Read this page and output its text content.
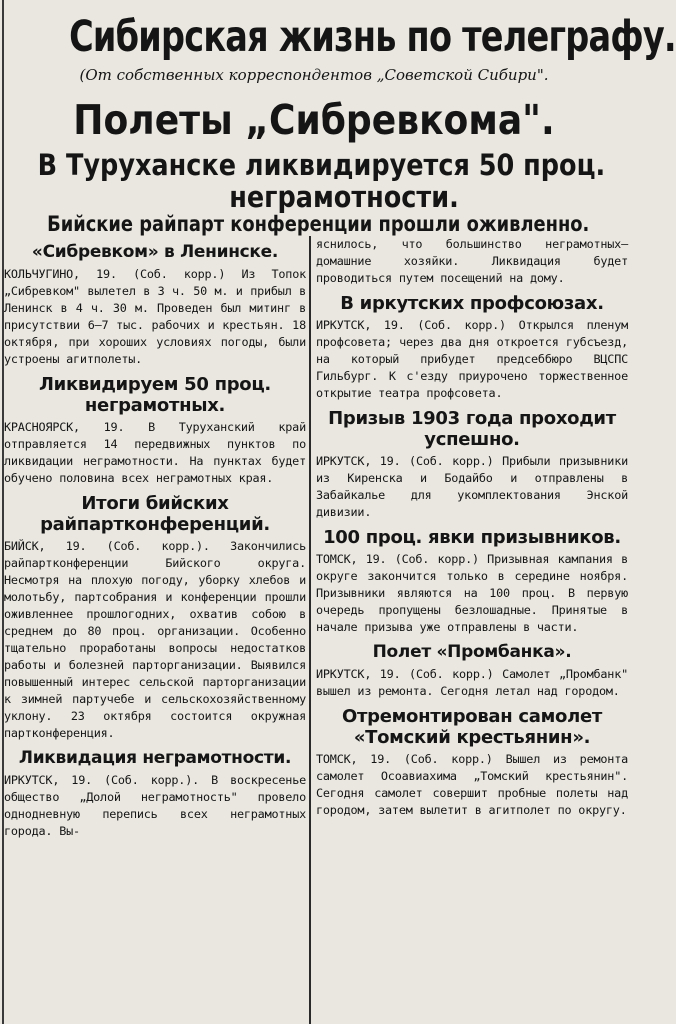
Сибирская жизнь по телеграфу.
(От собственных корреспондентов „Советской Сибири".
Полеты „Сибревкома".
В Туруханске ликвидируется 50 проц.
неграмотности.
Бийские райпарт конференции прошли оживленно.
«Сибревком» в Ленинске.

КОЛЬЧУГИНО, 19. (Соб. корр.) Из Топок „Сибревком" вылетел в 3 ч. 50 м. и прибыл в Ленинск в 4 ч. 30 м. Проведен был митинг в присутствии 6—7 тыс. рабочих и крестьян. 18 октября, при хороших условиях погоды, были устроены агитполеты.

Ликвидируем 50 проц. неграмотных.

КРАСНОЯРСК, 19. В Туруханский край отправляется 14 передвижных пунктов по ликвидации неграмотности. На пунктах будет обучено половина всех неграмотных края.

Итоги бийских райпартконференций.

БИЙСК, 19. (Соб. корр.). Закончились райпартконференции Бийского округа. Несмотря на плохую погоду, уборку хлебов и молотьбу, партсобрания и конференции прошли оживленнее прошлогодних, охватив собою в среднем до 80 проц. организации. Особенно тщательно проработаны вопросы недостатков работы и болезней парторганизации. Выявился повышенный интерес сельской парторганизации к зимней партучебе и сельскохозяйственному уклону. 23 октября состоится окружная партконференция.

Ликвидация неграмотности.

ИРКУТСК, 19. (Соб. корр.). В воскресенье общество „Долой неграмотность" провело однодневную перепись всех неграмотных города. Вы-

яснилось, что большинство неграмотных—домашние хозяйки. Ликвидация будет проводиться путем посещений на дому.

В иркутских профсоюзах.

ИРКУТСК, 19. (Соб. корр.) Открылся пленум профсовета; через два дня откроется губсъезд, на который прибудет предсеббюро ВЦСПС Гильбург. К с'езду приурочено торжественное открытие театра профсовета.

Призыв 1903 года проходит успешно.

ИРКУТСК, 19. (Соб. корр.) Прибыли призывники из Киренска и Бодайбо и отправлены в Забайкалье для укомплектования Энской дивизии.

100 проц. явки призывников.

ТОМСК, 19. (Соб. корр.) Призывная кампания в округе закончится только в середине ноября. Призывники являются на 100 проц. В первую очередь пропущены безлошадные. Принятые в начале призыва уже отправлены в части.

Полет «Промбанка».

ИРКУТСК, 19. (Соб. корр.) Самолет „Промбанк" вышел из ремонта. Сегодня летал над городом.

Отремонтирован самолет «Томский крестьянин».

ТОМСК, 19. (Соб. корр.) Вышел из ремонта самолет Осоавиахима „Томский крестьянин". Сегодня самолет совершит пробные полеты над городом, затем вылетит в агитполет по округу.
